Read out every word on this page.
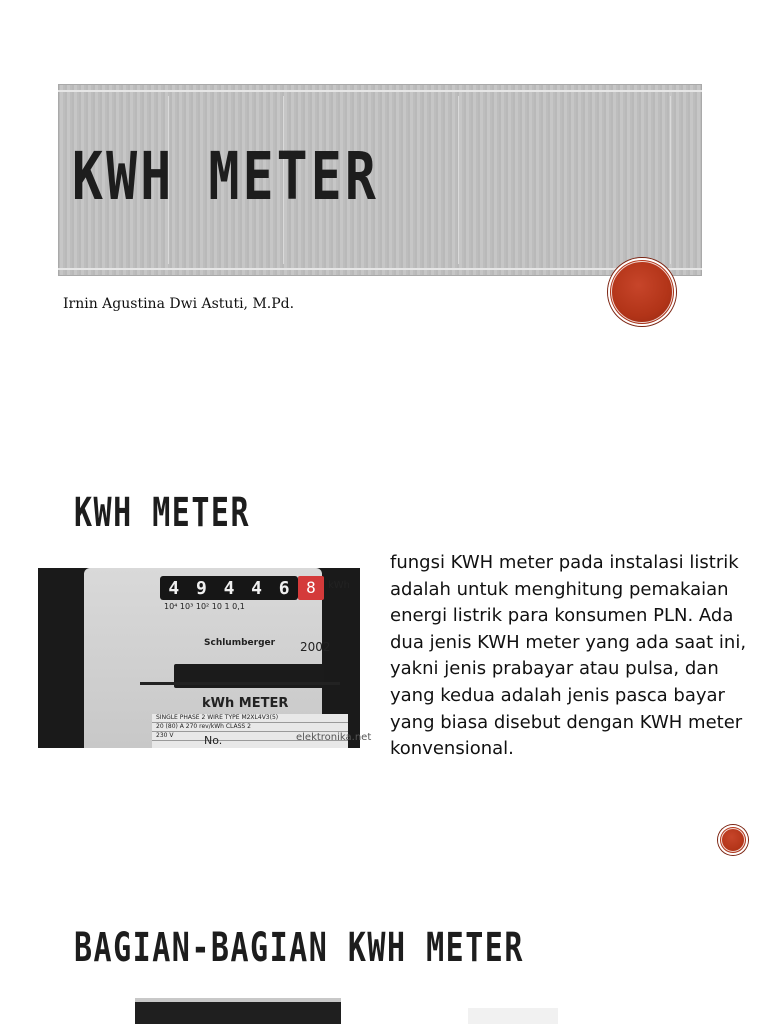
KWH METER
Irnin Agustina Dwi Astuti, M.Pd.
KWH METER
4 9 4 4 6	8	kWh
10⁴ 10³ 10² 10 1 0,1
Schlumberger 2002
kWh METER
SINGLE PHASE 2 WIRE TYPE M2XL4V3(5)
20 (80) A 270 rev/kWh CLASS 2
230 V	No.	elektronika.net

fungsi KWH meter pada instalasi listrik adalah untuk menghitung pemakaian energi listrik para konsumen PLN. Ada dua jenis KWH meter yang ada saat ini, yakni jenis prabayar atau pulsa, dan yang kedua adalah jenis pasca bayar yang biasa disebut dengan KWH meter konvensional.

BAGIAN-BAGIAN KWH METER
